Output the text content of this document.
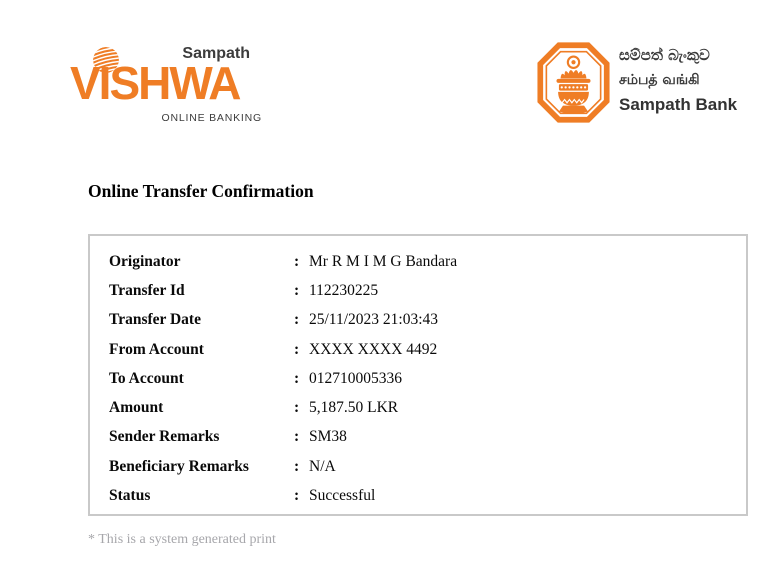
Sampath
VISHWA
ONLINE BANKING
සම්පත් බැංකුව
சம்பத் வங்கி
Sampath Bank
Online Transfer Confirmation
Originator	: Mr R M I M G Bandara
Transfer Id	: 112230225
Transfer Date	: 25/11/2023 21:03:43
From Account	: XXXX XXXX 4492
To Account	: 012710005336
Amount	: 5,187.50 LKR
Sender Remarks	: SM38
Beneficiary Remarks	: N/A
Status	: Successful

* This is a system generated print
